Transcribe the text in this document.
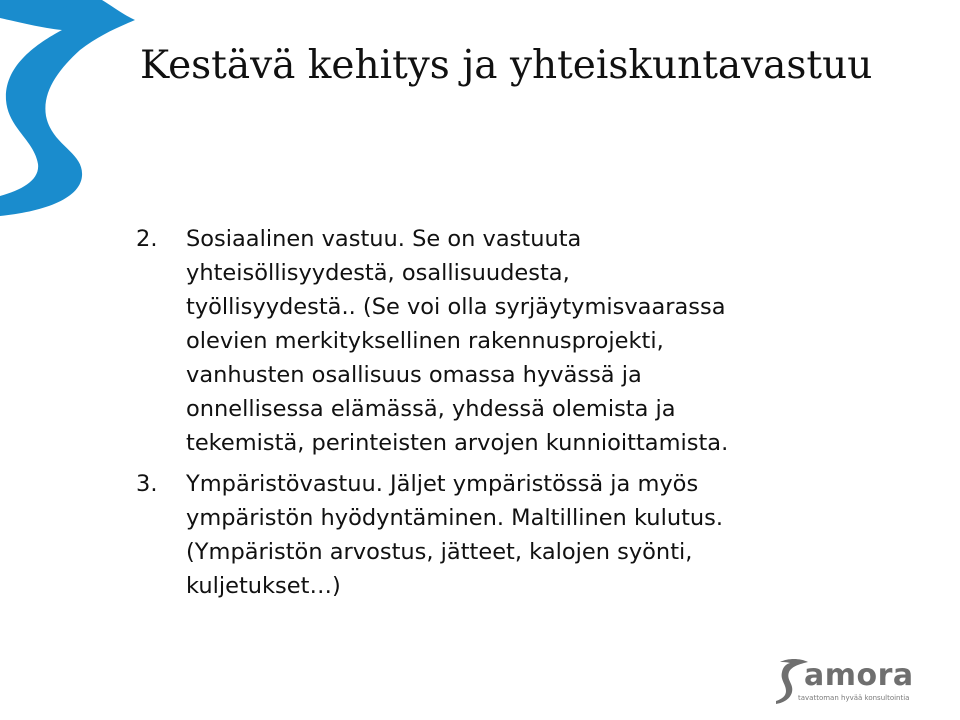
Kestävä kehitys ja yhteiskuntavastuu
2. Sosiaalinen vastuu. Se on vastuuta
yhteisöllisyydestä, osallisuudesta,
työllisyydestä.. (Se voi olla syrjäytymisvaarassa
olevien merkityksellinen rakennusprojekti,
vanhusten osallisuus omassa hyvässä ja
onnellisessa elämässä, yhdessä olemista ja
tekemistä, perinteisten arvojen kunnioittamista.
3. Ympäristövastuu. Jäljet ympäristössä ja myös
ympäristön hyödyntäminen. Maltillinen kulutus.
(Ympäristön arvostus, jätteet, kalojen syönti,
kuljetukset…)
amora
tavattoman hyvää konsultointia
